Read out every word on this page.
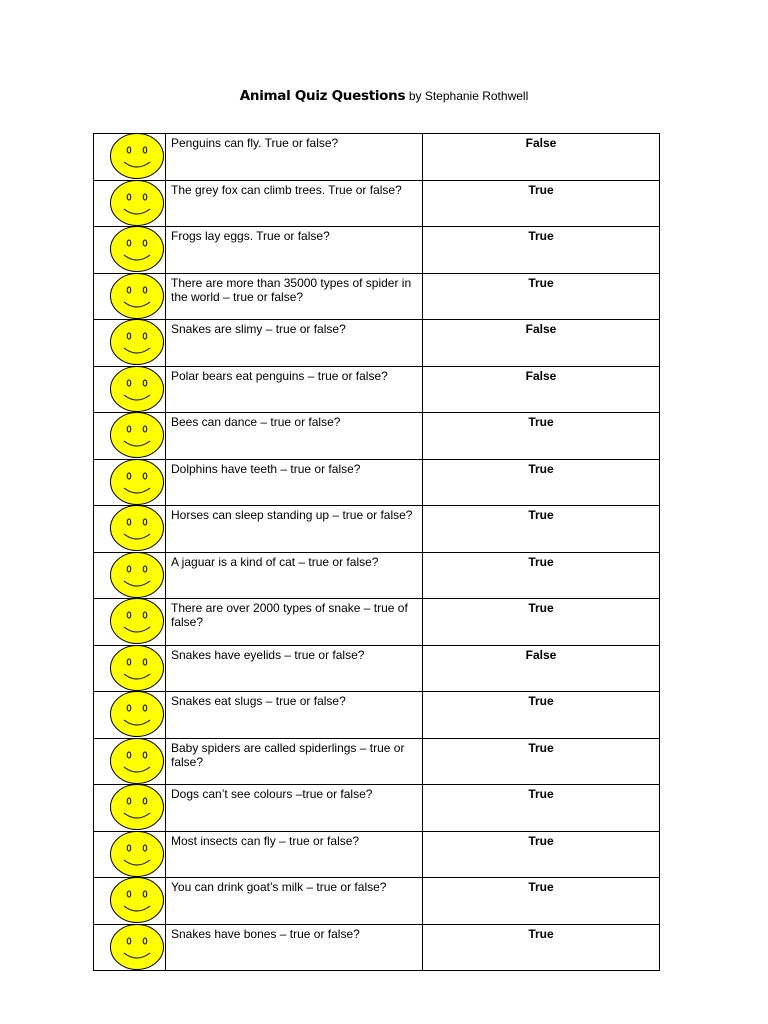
Animal Quiz Questions by Stephanie Rothwell
	Penguins can fly. True or false?	False

	The grey fox can climb trees. True or false?	True

	Frogs lay eggs. True or false?	True

	There are more than 35000 types of spider in the world – true or false?	True

	Snakes are slimy – true or false?	False

	Polar bears eat penguins – true or false?	False

	Bees can dance – true or false?	True

	Dolphins have teeth – true or false?	True

	Horses can sleep standing up – true or false?	True

	A jaguar is a kind of cat – true or false?	True

	There are over 2000 types of snake – true of false?	True

	Snakes have eyelids – true or false?	False

	Snakes eat slugs – true or false?	True

	Baby spiders are called spiderlings – true or false?	True

	Dogs can’t see colours –true or false?	True

	Most insects can fly – true or false?	True

	You can drink goat’s milk – true or false?	True

	Snakes have bones – true or false?	True
